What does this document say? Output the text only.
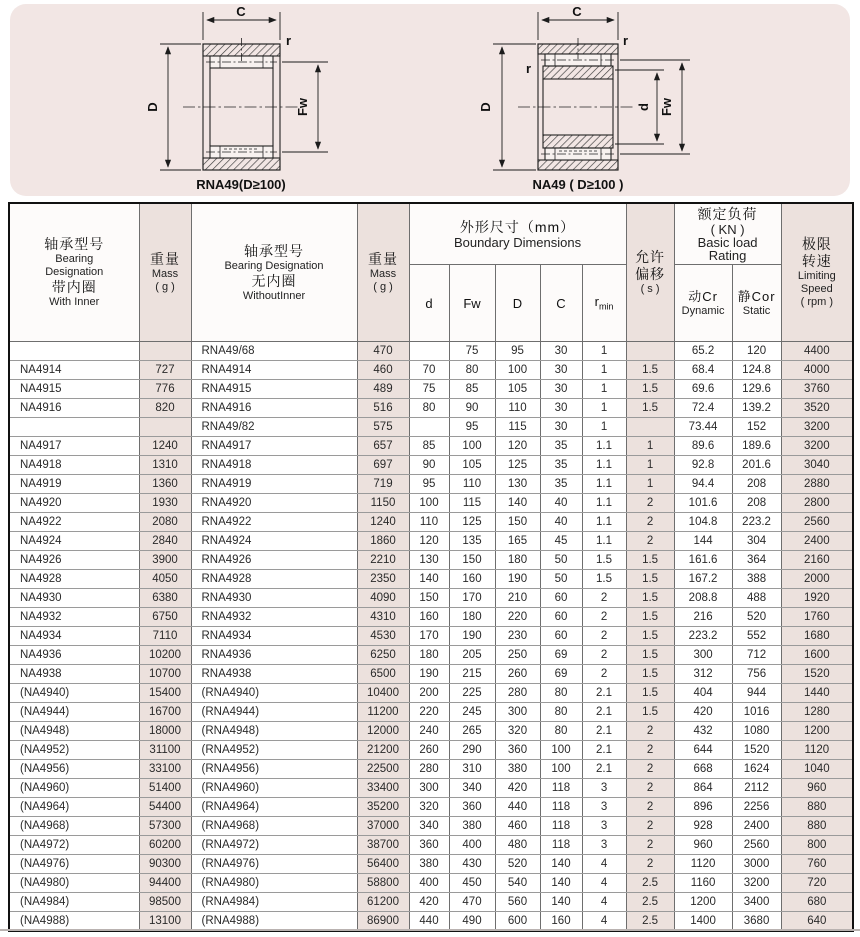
C
r
D	Fw
RNA49(D≥100)
C
r
r
D	d Fw
NA49 ( D≥100 )
轴承型号
Bearing
Designation
带内圈
With Inner

重量
Mass
( g )

轴承型号
Bearing Designation
无内圈
WithoutInner

重量
Mass
( g )

外形尺寸（mm）
Boundary Dimensions

允许
偏移
( s )

额定负荷
( KN )
Basic load
Rating

极限
转速
Limiting
Speed
( rpm )

d	Fw	D	C	$r_{min}$	
动Cr
Dynamic

静Cor
Static

		RNA49/68	470		75	95	30	1		65.2	120	4400
NA4914	727	RNA4914	460	70	80	100	30	1	1.5	68.4	124.8	4000
NA4915	776	RNA4915	489	75	85	105	30	1	1.5	69.6	129.6	3760
NA4916	820	RNA4916	516	80	90	110	30	1	1.5	72.4	139.2	3520
		RNA49/82	575		95	115	30	1		73.44	152	3200
NA4917	1240	RNA4917	657	85	100	120	35	1.1	1	89.6	189.6	3200
NA4918	1310	RNA4918	697	90	105	125	35	1.1	1	92.8	201.6	3040
NA4919	1360	RNA4919	719	95	110	130	35	1.1	1	94.4	208	2880
NA4920	1930	RNA4920	1150	100	115	140	40	1.1	2	101.6	208	2800
NA4922	2080	RNA4922	1240	110	125	150	40	1.1	2	104.8	223.2	2560
NA4924	2840	RNA4924	1860	120	135	165	45	1.1	2	144	304	2400
NA4926	3900	RNA4926	2210	130	150	180	50	1.5	1.5	161.6	364	2160
NA4928	4050	RNA4928	2350	140	160	190	50	1.5	1.5	167.2	388	2000
NA4930	6380	RNA4930	4090	150	170	210	60	2	1.5	208.8	488	1920
NA4932	6750	RNA4932	4310	160	180	220	60	2	1.5	216	520	1760
NA4934	7110	RNA4934	4530	170	190	230	60	2	1.5	223.2	552	1680
NA4936	10200	RNA4936	6250	180	205	250	69	2	1.5	300	712	1600
NA4938	10700	RNA4938	6500	190	215	260	69	2	1.5	312	756	1520
(NA4940)	15400	(RNA4940)	10400	200	225	280	80	2.1	1.5	404	944	1440
(NA4944)	16700	(RNA4944)	11200	220	245	300	80	2.1	1.5	420	1016	1280
(NA4948)	18000	(RNA4948)	12000	240	265	320	80	2.1	2	432	1080	1200
(NA4952)	31100	(RNA4952)	21200	260	290	360	100	2.1	2	644	1520	1120
(NA4956)	33100	(RNA4956)	22500	280	310	380	100	2.1	2	668	1624	1040
(NA4960)	51400	(RNA4960)	33400	300	340	420	118	3	2	864	2112	960
(NA4964)	54400	(RNA4964)	35200	320	360	440	118	3	2	896	2256	880
(NA4968)	57300	(RNA4968)	37000	340	380	460	118	3	2	928	2400	880
(NA4972)	60200	(RNA4972)	38700	360	400	480	118	3	2	960	2560	800
(NA4976)	90300	(RNA4976)	56400	380	430	520	140	4	2	1120	3000	760
(NA4980)	94400	(RNA4980)	58800	400	450	540	140	4	2.5	1160	3200	720
(NA4984)	98500	(RNA4984)	61200	420	470	560	140	4	2.5	1200	3400	680
(NA4988)	13100	(RNA4988)	86900	440	490	600	160	4	2.5	1400	3680	640
